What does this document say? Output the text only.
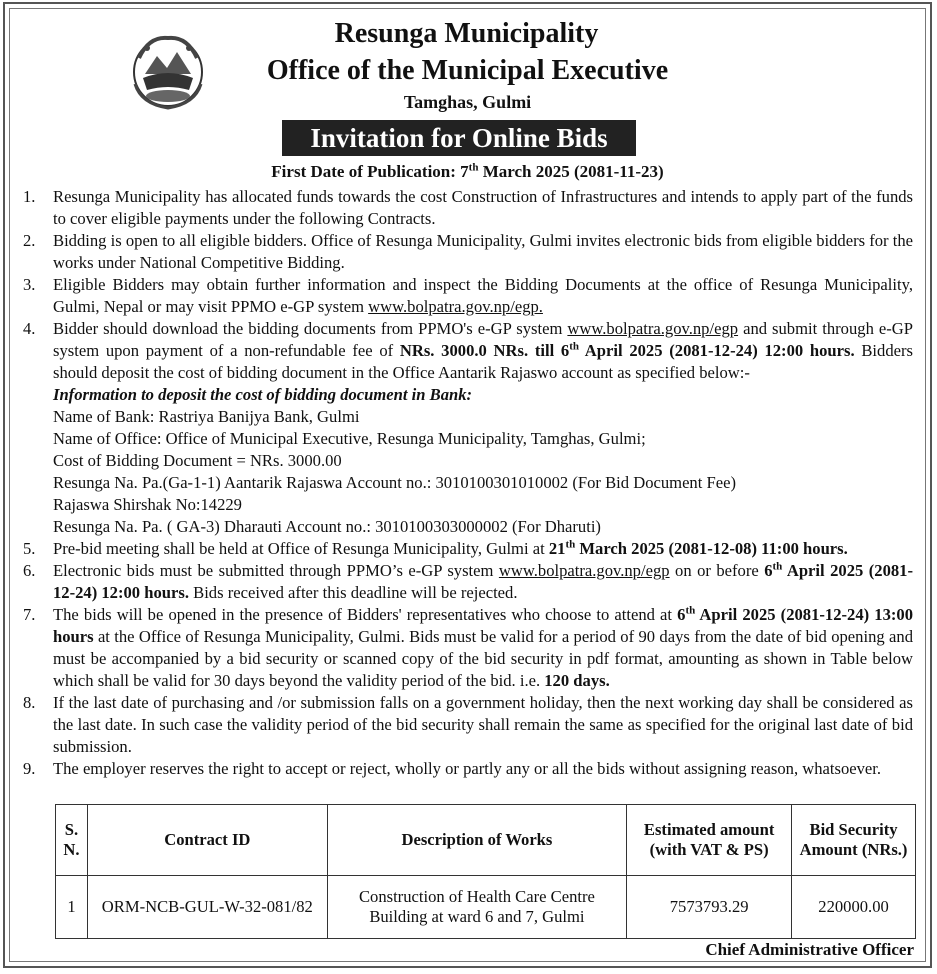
Resunga Municipality
Office of the Municipal Executive
Tamghas, Gulmi
Invitation for Online Bids
First Date of Publication: 7th March 2025 (2081-11-23)
1.	Resunga Municipality has allocated funds towards the cost Construction of Infrastructures and intends to apply part of the funds to cover eligible payments under the following Contracts.
2.	Bidding is open to all eligible bidders. Office of Resunga Municipality, Gulmi invites electronic bids from eligible bidders for the works under National Competitive Bidding.
3.	Eligible Bidders may obtain further information and inspect the Bidding Documents at the office of Resunga Municipality, Gulmi, Nepal or may visit PPMO e-GP system www.bolpatra.gov.np/egp.
4.	Bidder should download the bidding documents from PPMO's e-GP system www.bolpatra.gov.np/egp and submit through e-GP system upon payment of a non-refundable fee of NRs. 3000.0 NRs. till 6th April 2025 (2081-12-24) 12:00 hours. Bidders should deposit the cost of bidding document in the Office Aantarik Rajaswo account as specified below:-
Information to deposit the cost of bidding document in Bank:
Name of Bank: Rastriya Banijya Bank, Gulmi
Name of Office: Office of Municipal Executive, Resunga Municipality, Tamghas, Gulmi;
Cost of Bidding Document = NRs. 3000.00
Resunga Na. Pa.(Ga-1-1) Aantarik Rajaswa Account no.: 3010100301010002 (For Bid Document Fee)
Rajaswa Shirshak No:14229
Resunga Na. Pa. ( GA-3) Dharauti Account no.: 3010100303000002 (For Dharuti)
5.	Pre-bid meeting shall be held at Office of Resunga Municipality, Gulmi at 21th March 2025 (2081-12-08) 11:00 hours.
6.	Electronic bids must be submitted through PPMO’s e-GP system www.bolpatra.gov.np/egp on or before 6th April 2025 (2081-12-24) 12:00 hours. Bids received after this deadline will be rejected.
7.	The bids will be opened in the presence of Bidders' representatives who choose to attend at 6th April 2025 (2081-12-24) 13:00 hours at the Office of Resunga Municipality, Gulmi. Bids must be valid for a period of 90 days from the date of bid opening and must be accompanied by a bid security or scanned copy of the bid security in pdf format, amounting as shown in Table below which shall be valid for 30 days beyond the validity period of the bid. i.e. 120 days.
8.	If the last date of purchasing and /or submission falls on a government holiday, then the next working day shall be considered as the last date. In such case the validity period of the bid security shall remain the same as specified for the original last date of bid submission.
9.	The employer reserves the right to accept or reject, wholly or partly any or all the bids without assigning reason, whatsoever.
S. N.	Contract ID	Description of Works	Estimated amount (with VAT & PS)	Bid Security Amount (NRs.)
1	ORM-NCB-GUL-W-32-081/82	Construction of Health Care Centre Building at ward 6 and 7, Gulmi	7573793.29	220000.00
Chief Administrative Officer
